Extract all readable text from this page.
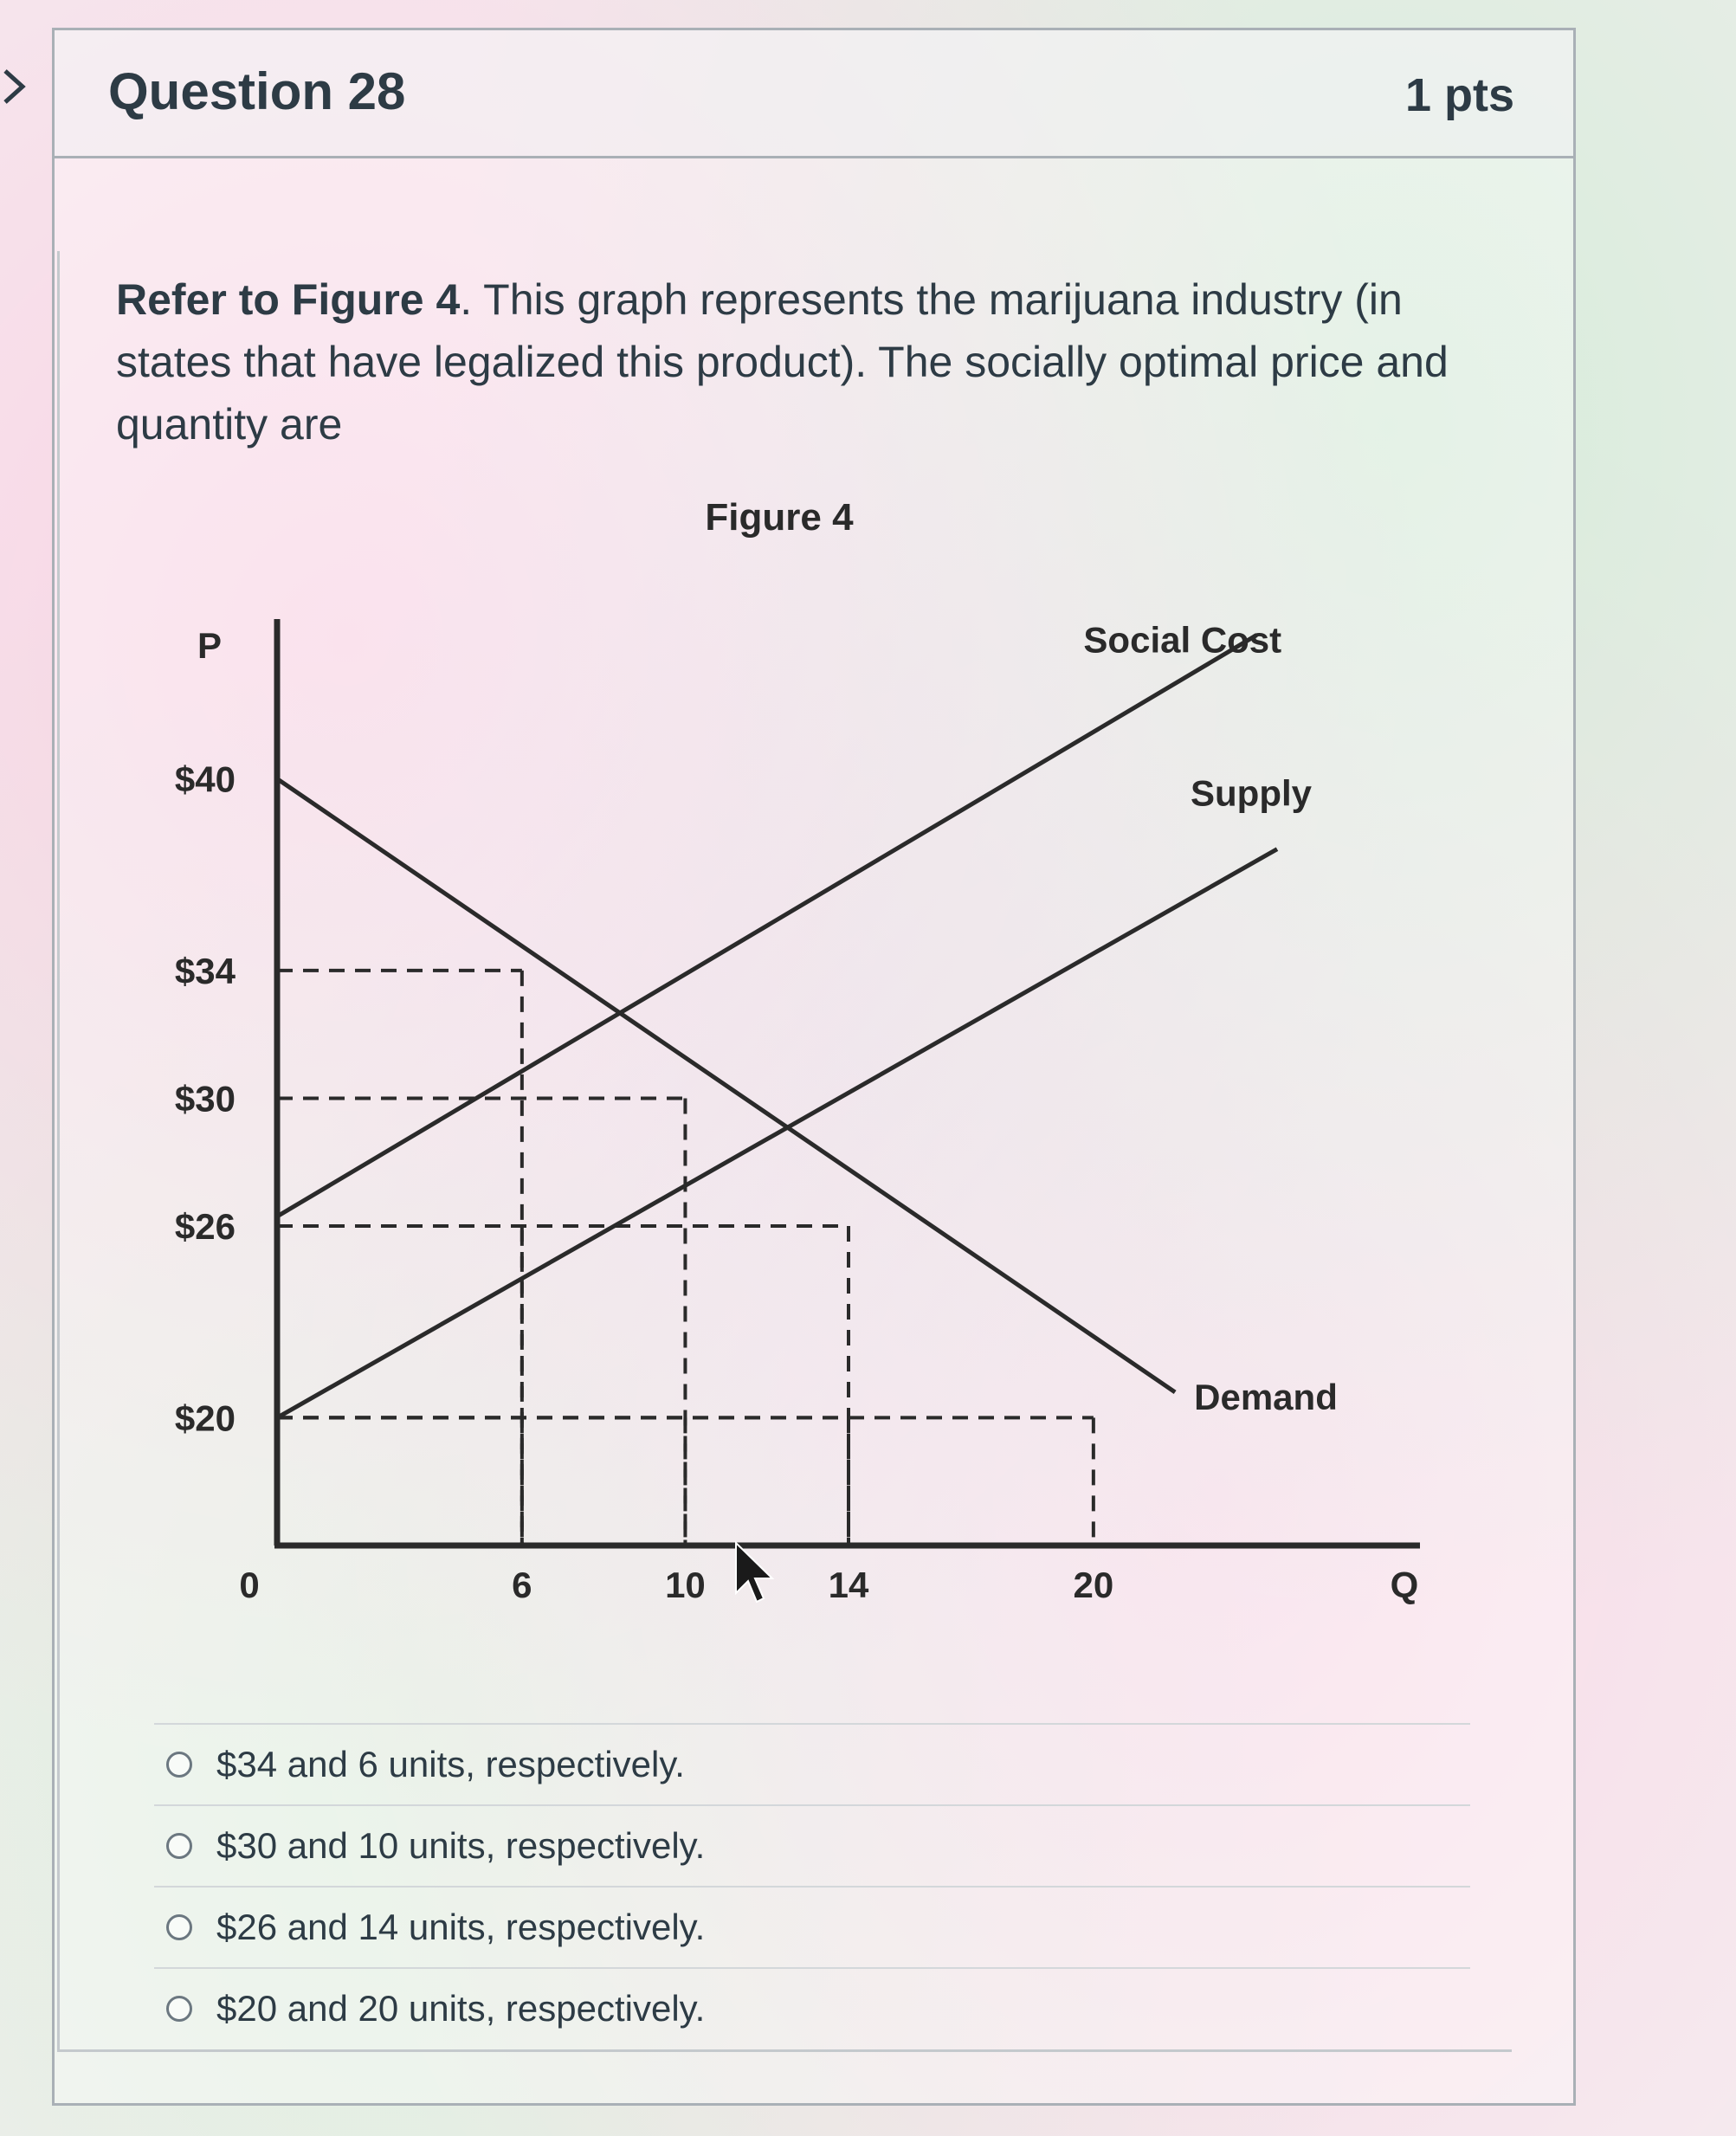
Question 28	1 pts
Refer to Figure 4. This graph represents the marijuana industry (in states that have legalized this product). The socially optimal price and quantity are
Figure 4
P
Q
$40
$34
$30
$26
$20
0	6	10	14	20
Social Cost
Supply
Demand
$34 and 6 units, respectively.
$30 and 10 units, respectively.
$26 and 14 units, respectively.
$20 and 20 units, respectively.
